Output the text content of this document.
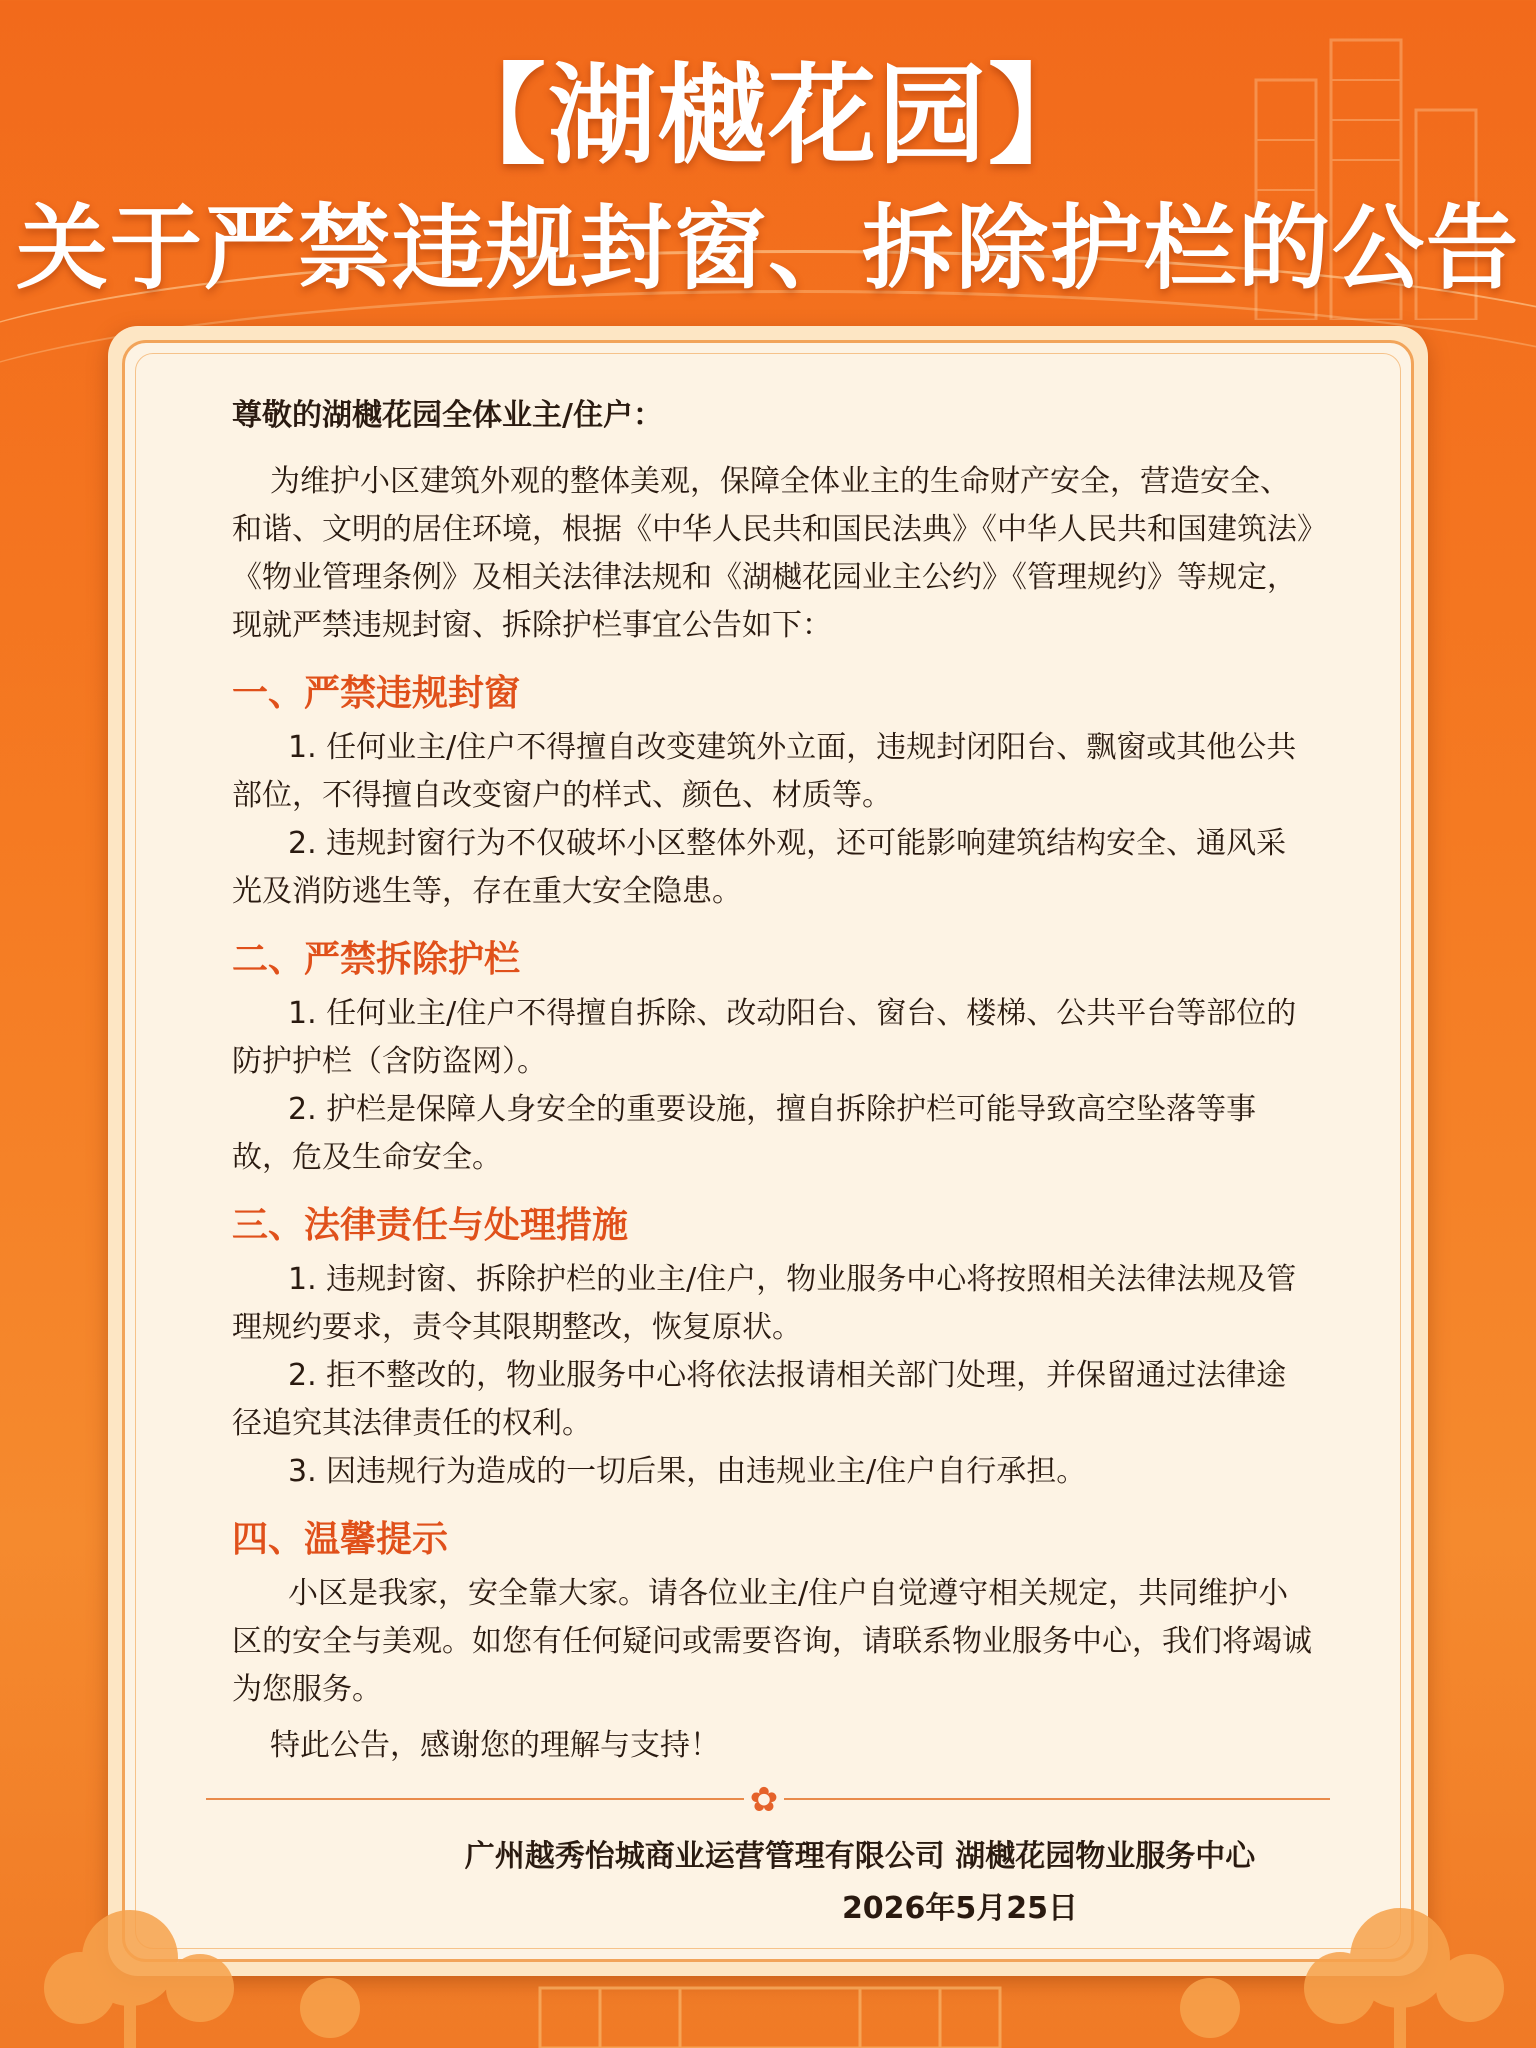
【湖樾花园】
关于严禁违规封窗、拆除护栏的公告

尊敬的湖樾花园全体业主/住户：

为维护小区建筑外观的整体美观，保障全体业主的生命财产安全，营造安全、和谐、文明的居住环境，根据《中华人民共和国民法典》《中华人民共和国建筑法》《物业管理条例》及相关法律法规和《湖樾花园业主公约》《管理规约》等规定，现就严禁违规封窗、拆除护栏事宜公告如下：

一、严禁违规封窗

1. 任何业主/住户不得擅自改变建筑外立面，违规封闭阳台、飘窗或其他公共部位，不得擅自改变窗户的样式、颜色、材质等。

2. 违规封窗行为不仅破坏小区整体外观，还可能影响建筑结构安全、通风采光及消防逃生等，存在重大安全隐患。

二、严禁拆除护栏

1. 任何业主/住户不得擅自拆除、改动阳台、窗台、楼梯、公共平台等部位的防护护栏（含防盗网）。

2. 护栏是保障人身安全的重要设施，擅自拆除护栏可能导致高空坠落等事故，危及生命安全。

三、法律责任与处理措施

1. 违规封窗、拆除护栏的业主/住户，物业服务中心将按照相关法律法规及管理规约要求，责令其限期整改，恢复原状。

2. 拒不整改的，物业服务中心将依法报请相关部门处理，并保留通过法律途径追究其法律责任的权利。

3. 因违规行为造成的一切后果，由违规业主/住户自行承担。

四、温馨提示

小区是我家，安全靠大家。请各位业主/住户自觉遵守相关规定，共同维护小区的安全与美观。如您有任何疑问或需要咨询，请联系物业服务中心，我们将竭诚为您服务。

特此公告，感谢您的理解与支持！

✿
广州越秀怡城商业运营管理有限公司 湖樾花园物业服务中心
2026年5月25日
